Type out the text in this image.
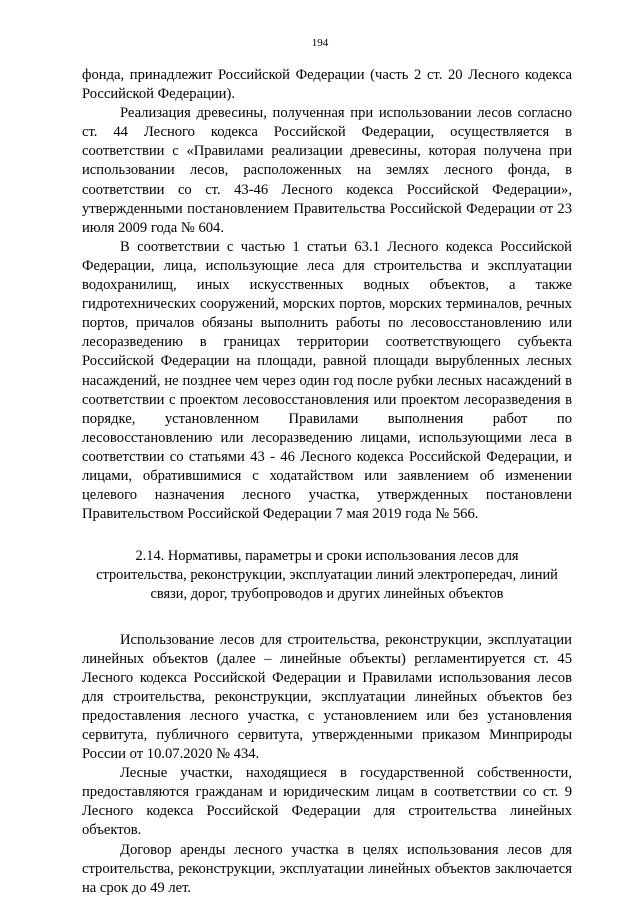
194

фонда, принадлежит Российской Федерации (часть 2 ст. 20 Лесного кодекса Российской Федерации).

Реализация древесины, полученная при использовании лесов согласно ст. 44 Лесного кодекса Российской Федерации, осуществляется в соответствии с «Правилами реализации древесины, которая получена при использовании лесов, расположенных на землях лесного фонда, в соответствии со ст. 43-46 Лесного кодекса Российской Федерации», утвержденными постановлением Правительства Российской Федерации от 23 июля 2009 года № 604.

В соответствии с частью 1 статьи 63.1 Лесного кодекса Российской Федерации, лица, использующие леса для строительства и эксплуатации водохранилищ, иных искусственных водных объектов, а также гидротехнических сооружений, морских портов, морских терминалов, речных портов, причалов обязаны выполнить работы по лесовосстановлению или лесоразведению в границах территории соответствующего субъекта Российской Федерации на площади, равной площади вырубленных лесных насаждений, не позднее чем через один год после рубки лесных насаждений в соответствии с проектом лесовосстановления или проектом лесоразведения в порядке, установленном Правилами выполнения работ по лесовосстановлению или лесоразведению лицами, использующими леса в соответствии со статьями 43 - 46 Лесного кодекса Российской Федерации, и лицами, обратившимися с ходатайством или заявлением об изменении целевого назначения лесного участка, утвержденных постановлени Правительством Российской Федерации 7 мая 2019 года № 566.

2.14. Нормативы, параметры и сроки использования лесов для строительства, реконструкции, эксплуатации линий электропередач, линий связи, дорог, трубопроводов и других линейных объектов

Использование лесов для строительства, реконструкции, эксплуатации линейных объектов (далее – линейные объекты) регламентируется ст. 45 Лесного кодекса Российской Федерации и Правилами использования лесов для строительства, реконструкции, эксплуатации линейных объектов без предоставления лесного участка, с установлением или без установления сервитута, публичного сервитута, утвержденными приказом Минприроды России от 10.07.2020 № 434.

Лесные участки, находящиеся в государственной собственности, предоставляются гражданам и юридическим лицам в соответствии со ст. 9 Лесного кодекса Российской Федерации для строительства линейных объектов.

Договор аренды лесного участка в целях использования лесов для строительства, реконструкции, эксплуатации линейных объектов заключается на срок до 49 лет.
